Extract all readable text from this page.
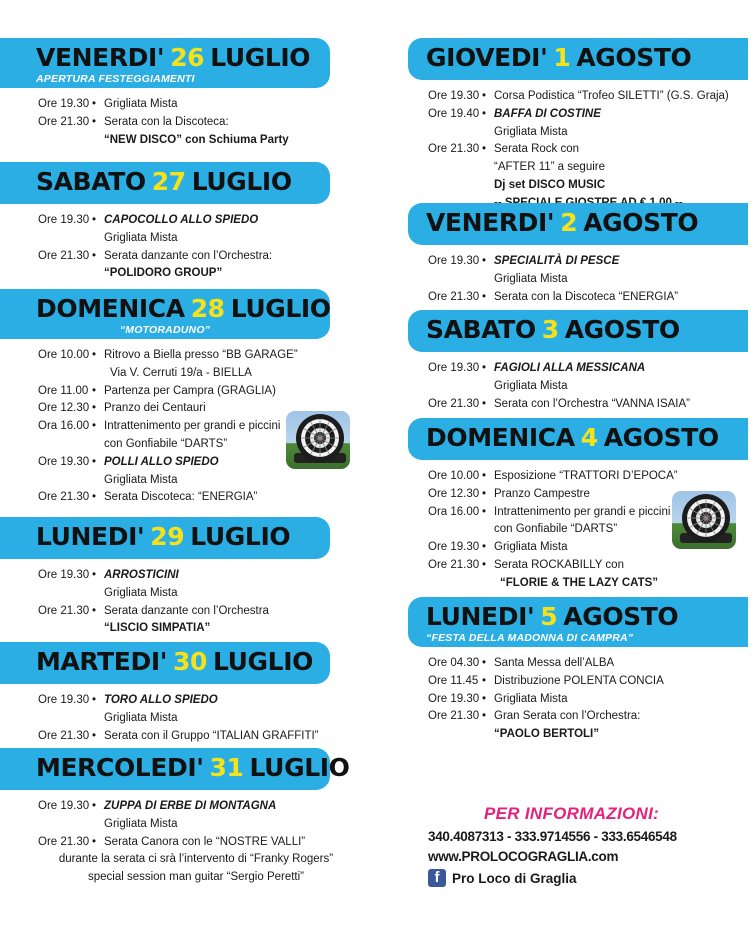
VENERDI' 26 LUGLIO
APERTURA FESTEGGIAMENTI
Ore 19.30 • Grigliata Mista
Ore 21.30 • Serata con la Discoteca:
“NEW DISCO” con Schiuma Party
SABATO 27 LUGLIO
Ore 19.30 • CAPOCOLLO ALLO SPIEDO
Grigliata Mista
Ore 21.30 • Serata danzante con l’Orchestra:
“POLIDORO GROUP”
DOMENICA 28 LUGLIO
“MOTORADUNO”
Ore 10.00 • Ritrovo a Biella presso “BB GARAGE”
Via V. Cerruti 19/a - BIELLA
Ore 11.00 • Partenza per Campra (GRAGLIA)
Ore 12.30 • Pranzo dei Centauri
Ora 16.00 • Intrattenimento per grandi e piccini
con Gonfiabile “DARTS”
Ore 19.30 • POLLI ALLO SPIEDO
Grigliata Mista
Ore 21.30 • Serata Discoteca: “ENERGIA”
LUNEDI' 29 LUGLIO
Ore 19.30 • ARROSTICINI
Grigliata Mista
Ore 21.30 • Serata danzante con l’Orchestra
“LISCIO SIMPATIA”
MARTEDI' 30 LUGLIO
Ore 19.30 • TORO ALLO SPIEDO
Grigliata Mista
Ore 21.30 • Serata con il Gruppo “ITALIAN GRAFFITI”
MERCOLEDI' 31 LUGLIO
Ore 19.30 • ZUPPA DI ERBE DI MONTAGNA
Grigliata Mista
Ore 21.30 • Serata Canora con le “NOSTRE VALLI”
durante la serata ci srà l’intervento di “Franky Rogers”
special session man guitar “Sergio Peretti”
GIOVEDI' 1 AGOSTO
Ore 19.30 • Corsa Podistica “Trofeo SILETTI” (G.S. Graja)
Ore 19.40 • BAFFA DI COSTINE
Grigliata Mista
Ore 21.30 • Serata Rock con
“AFTER 11” a seguire
Dj set DISCO MUSIC
VENERDI' 2 AGOSTO
Ore 19.30 • SPECIALITÀ DI PESCE
Grigliata Mista
Ore 21.30 • Serata con la Discoteca “ENERGIA”
SABATO 3 AGOSTO
Ore 19.30 • FAGIOLI ALLA MESSICANA
Grigliata Mista
Ore 21.30 • Serata con l’Orchestra “VANNA ISAIA”
DOMENICA 4 AGOSTO
Ore 10.00 • Esposizione “TRATTORI D’EPOCA”
Ore 12.30 • Pranzo Campestre
Ora 16.00 • Intrattenimento per grandi e piccini
con Gonfiabile “DARTS”
Ore 19.30 • Grigliata Mista
Ore 21.30 • Serata ROCKABILLY con
“FLORIE & THE LAZY CATS”
LUNEDI' 5 AGOSTO
“FESTA DELLA MADONNA DI CAMPRA”
Ore 04.30 • Santa Messa dell’ALBA
Ore 11.45 • Distribuzione POLENTA CONCIA
Ore 19.30 • Grigliata Mista
Ore 21.30 • Gran Serata con l’Orchestra:
“PAOLO BERTOLI”
PER INFORMAZIONI:
340.4087313 - 333.9714556 - 333.6546548
www.PROLOCOGRAGLIA.com
f Pro Loco di Graglia
